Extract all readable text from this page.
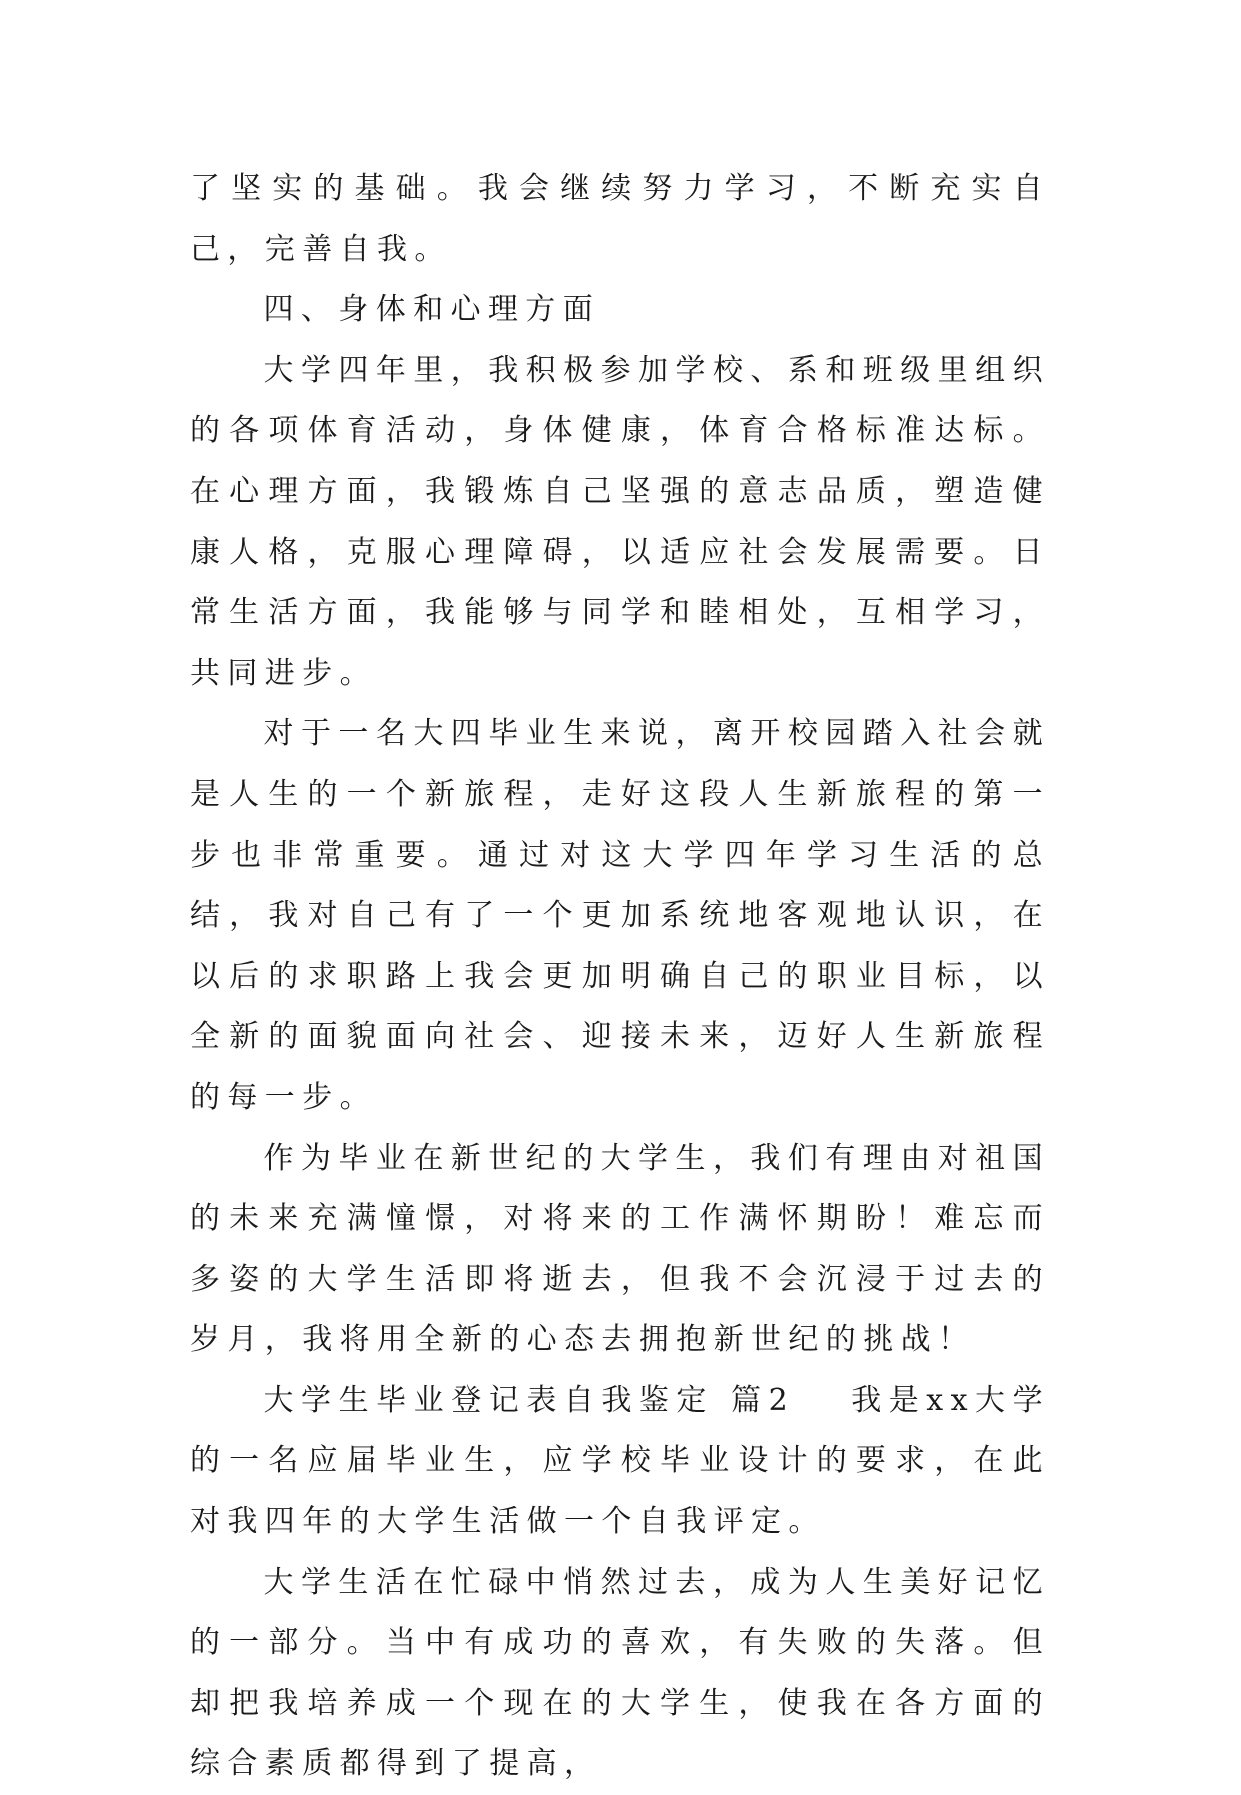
了坚实的基础。我会继续努力学习，不断充实自己，完善自我。

四、身体和心理方面

大学四年里，我积极参加学校、系和班级里组织的各项体育活动，身体健康，体育合格标准达标。在心理方面，我锻炼自己坚强的意志品质，塑造健康人格，克服心理障碍，以适应社会发展需要。日常生活方面，我能够与同学和睦相处，互相学习，共同进步。

对于一名大四毕业生来说，离开校园踏入社会就是人生的一个新旅程，走好这段人生新旅程的第一步也非常重要。通过对这大学四年学习生活的总结，我对自己有了一个更加系统地客观地认识，在以后的求职路上我会更加明确自己的职业目标，以全新的面貌面向社会、迎接未来，迈好人生新旅程的每一步。

作为毕业在新世纪的大学生，我们有理由对祖国的未来充满憧憬，对将来的工作满怀期盼！难忘而多姿的大学生活即将逝去，但我不会沉浸于过去的岁月，我将用全新的心态去拥抱新世纪的挑战！

大学生毕业登记表自我鉴定 篇2 我是xx大学的一名应届毕业生，应学校毕业设计的要求，在此对我四年的大学生活做一个自我评定。

大学生活在忙碌中悄然过去，成为人生美好记忆的一部分。当中有成功的喜欢，有失败的失落。但却把我培养成一个现在的大学生，使我在各方面的综合素质都得到了提高，
